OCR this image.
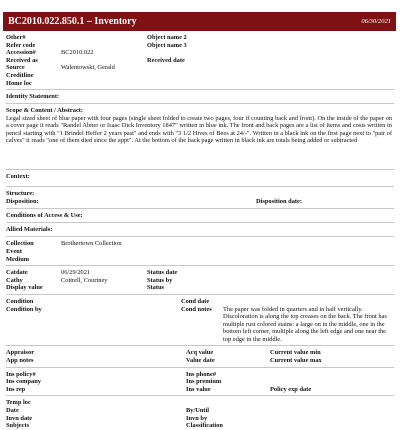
BC2010.022.850.1 – Inventory	06/30/2021
Other#	Object name 2
Refer code	Object name 3
Accession#	BC2010.022
Received as	Received date
Source	Walentowski, Gerald
Creditline
Home loc
Identity Statement:
Scope & Content / Abstract:
Legal sized sheet of blue paper with four pages (single sheet folded to create two pages, four if counting back and front). On the inside of the paper on a cover page it reads "Randel Abner or Isaac Dick Inventory 1847" written in blue ink. The front and back pages are a list of items and costs written in pencil starting with "1 Brindel Heffer 2 years past" and ends with "3 1/2 Hives of Bees at 24/-". Written in a black ink on the first page next to "pair of calves" it reads "one of them died since the appt". At the bottom of the back page written in black ink are totals being added or subtracted
Context:
Structure:
Disposition:	Disposition date:
Conditions of Access & Use:
Allied Materials:
Collection	Brothertown Collection
Event
Medium
Catdate	06/29/2021	Status date
Cathy	Cottrell, Courtney	Status by
Display value	Status
Condition	Cond date
Condition by	Cond notes	The paper was folded in quarters and in half vertically. Discoloration is along the top creases on the back. The front has multiple rust colored stains: a large on in the middle, one in the bottom left corner, multiple along the left edge and one near the top edge in the middle.
Appraisor	Acq value	Current value min
App notes	Value date	Current value max
Ins policy#	Ins phone#
Ins company	Ins premium
Ins rep	Ins value	Policy exp date
Temp loc
Date	By/Until
Invn date	Invn by
Subjects	Classification
